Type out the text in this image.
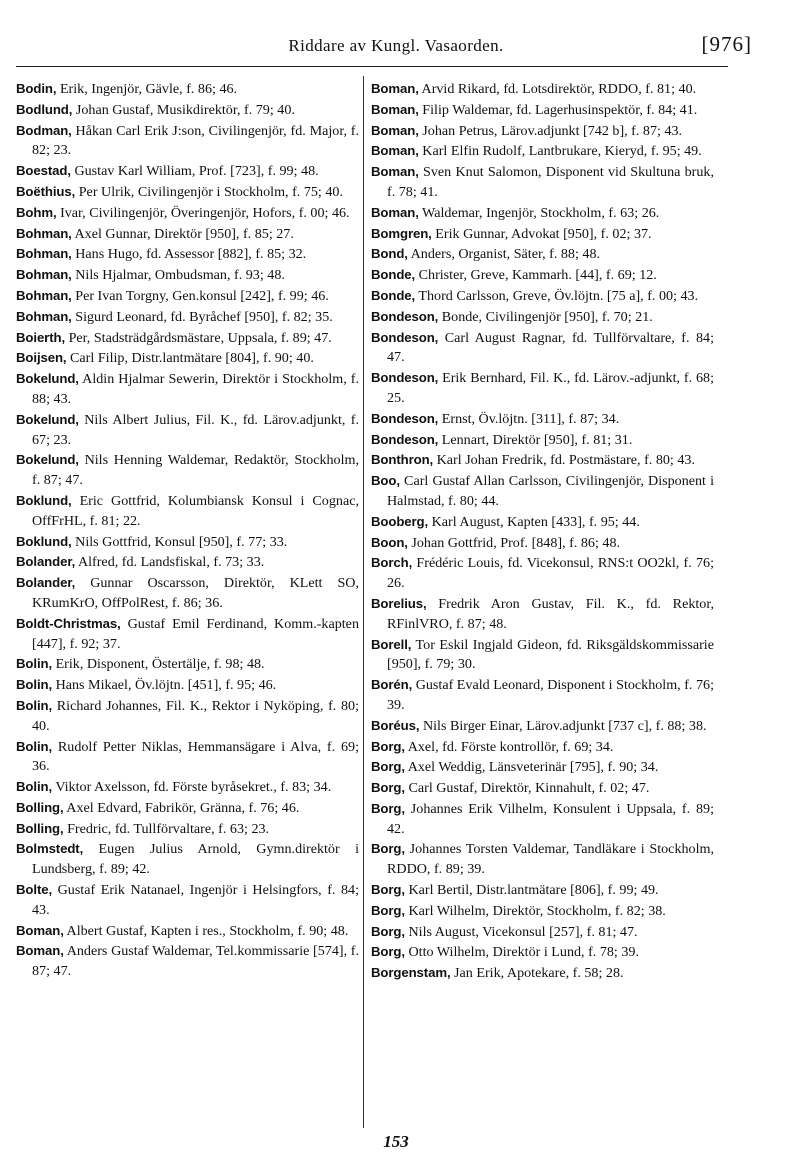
Riddare av Kungl. Vasaorden.	[976]
Bodin, Erik, Ingenjör, Gävle, f. 86; 46.
Bodlund, Johan Gustaf, Musikdirektör, f. 79; 40.
Bodman, Håkan Carl Erik J:son, Civilingenjör, fd. Major, f. 82; 23.
Boestad, Gustav Karl William, Prof. [723], f. 99; 48.
Boëthius, Per Ulrik, Civilingenjör i Stockholm, f. 75; 40.
Bohm, Ivar, Civilingenjör, Överingenjör, Hofors, f. 00; 46.
Bohman, Axel Gunnar, Direktör [950], f. 85; 27.
Bohman, Hans Hugo, fd. Assessor [882], f. 85; 32.
Bohman, Nils Hjalmar, Ombudsman, f. 93; 48.
Bohman, Per Ivan Torgny, Gen.konsul [242], f. 99; 46.
Bohman, Sigurd Leonard, fd. Byråchef [950], f. 82; 35.
Boierth, Per, Stadsträdgårdsmästare, Uppsala, f. 89; 47.
Boijsen, Carl Filip, Distr.lantmätare [804], f. 90; 40.
Bokelund, Aldin Hjalmar Sewerin, Direktör i Stockholm, f. 88; 43.
Bokelund, Nils Albert Julius, Fil. K., fd. Lärov.adjunkt, f. 67; 23.
Bokelund, Nils Henning Waldemar, Redaktör, Stockholm, f. 87; 47.
Boklund, Eric Gottfrid, Kolumbiansk Konsul i Cognac, OffFrHL, f. 81; 22.
Boklund, Nils Gottfrid, Konsul [950], f. 77; 33.
Bolander, Alfred, fd. Landsfiskal, f. 73; 33.
Bolander, Gunnar Oscarsson, Direktör, KLett SO, KRumKrO, OffPolRest, f. 86; 36.
Boldt-Christmas, Gustaf Emil Ferdinand, Komm.-kapten [447], f. 92; 37.
Bolin, Erik, Disponent, Östertälje, f. 98; 48.
Bolin, Hans Mikael, Öv.löjtn. [451], f. 95; 46.
Bolin, Richard Johannes, Fil. K., Rektor i Nyköping, f. 80; 40.
Bolin, Rudolf Petter Niklas, Hemmansägare i Alva, f. 69; 36.
Bolin, Viktor Axelsson, fd. Förste byråsekret., f. 83; 34.
Bolling, Axel Edvard, Fabrikör, Gränna, f. 76; 46.
Bolling, Fredric, fd. Tullförvaltare, f. 63; 23.
Bolmstedt, Eugen Julius Arnold, Gymn.direktör i Lundsberg, f. 89; 42.
Bolte, Gustaf Erik Natanael, Ingenjör i Helsingfors, f. 84; 43.
Boman, Albert Gustaf, Kapten i res., Stockholm, f. 90; 48.
Boman, Anders Gustaf Waldemar, Tel.kommissarie [574], f. 87; 47.
Boman, Arvid Rikard, fd. Lotsdirektör, RDDO, f. 81; 40.
Boman, Filip Waldemar, fd. Lagerhusinspektör, f. 84; 41.
Boman, Johan Petrus, Lärov.adjunkt [742 b], f. 87; 43.
Boman, Karl Elfin Rudolf, Lantbrukare, Kieryd, f. 95; 49.
Boman, Sven Knut Salomon, Disponent vid Skultuna bruk, f. 78; 41.
Boman, Waldemar, Ingenjör, Stockholm, f. 63; 26.
Bomgren, Erik Gunnar, Advokat [950], f. 02; 37.
Bond, Anders, Organist, Säter, f. 88; 48.
Bonde, Christer, Greve, Kammarh. [44], f. 69; 12.
Bonde, Thord Carlsson, Greve, Öv.löjtn. [75 a], f. 00; 43.
Bondeson, Bonde, Civilingenjör [950], f. 70; 21.
Bondeson, Carl August Ragnar, fd. Tullförvaltare, f. 84; 47.
Bondeson, Erik Bernhard, Fil. K., fd. Lärov.-adjunkt, f. 68; 25.
Bondeson, Ernst, Öv.löjtn. [311], f. 87; 34.
Bondeson, Lennart, Direktör [950], f. 81; 31.
Bonthron, Karl Johan Fredrik, fd. Postmästare, f. 80; 43.
Boo, Carl Gustaf Allan Carlsson, Civilingenjör, Disponent i Halmstad, f. 80; 44.
Booberg, Karl August, Kapten [433], f. 95; 44.
Boon, Johan Gottfrid, Prof. [848], f. 86; 48.
Borch, Frédéric Louis, fd. Vicekonsul, RNS:t OO2kl, f. 76; 26.
Borelius, Fredrik Aron Gustav, Fil. K., fd. Rektor, RFinlVRO, f. 87; 48.
Borell, Tor Eskil Ingjald Gideon, fd. Riksgäldskommissarie [950], f. 79; 30.
Borén, Gustaf Evald Leonard, Disponent i Stockholm, f. 76; 39.
Boréus, Nils Birger Einar, Lärov.adjunkt [737 c], f. 88; 38.
Borg, Axel, fd. Förste kontrollör, f. 69; 34.
Borg, Axel Weddig, Länsveterinär [795], f. 90; 34.
Borg, Carl Gustaf, Direktör, Kinnahult, f. 02; 47.
Borg, Johannes Erik Vilhelm, Konsulent i Uppsala, f. 89; 42.
Borg, Johannes Torsten Valdemar, Tandläkare i Stockholm, RDDO, f. 89; 39.
Borg, Karl Bertil, Distr.lantmätare [806], f. 99; 49.
Borg, Karl Wilhelm, Direktör, Stockholm, f. 82; 38.
Borg, Nils August, Vicekonsul [257], f. 81; 47.
Borg, Otto Wilhelm, Direktör i Lund, f. 78; 39.
Borgenstam, Jan Erik, Apotekare, f. 58; 28.
153
